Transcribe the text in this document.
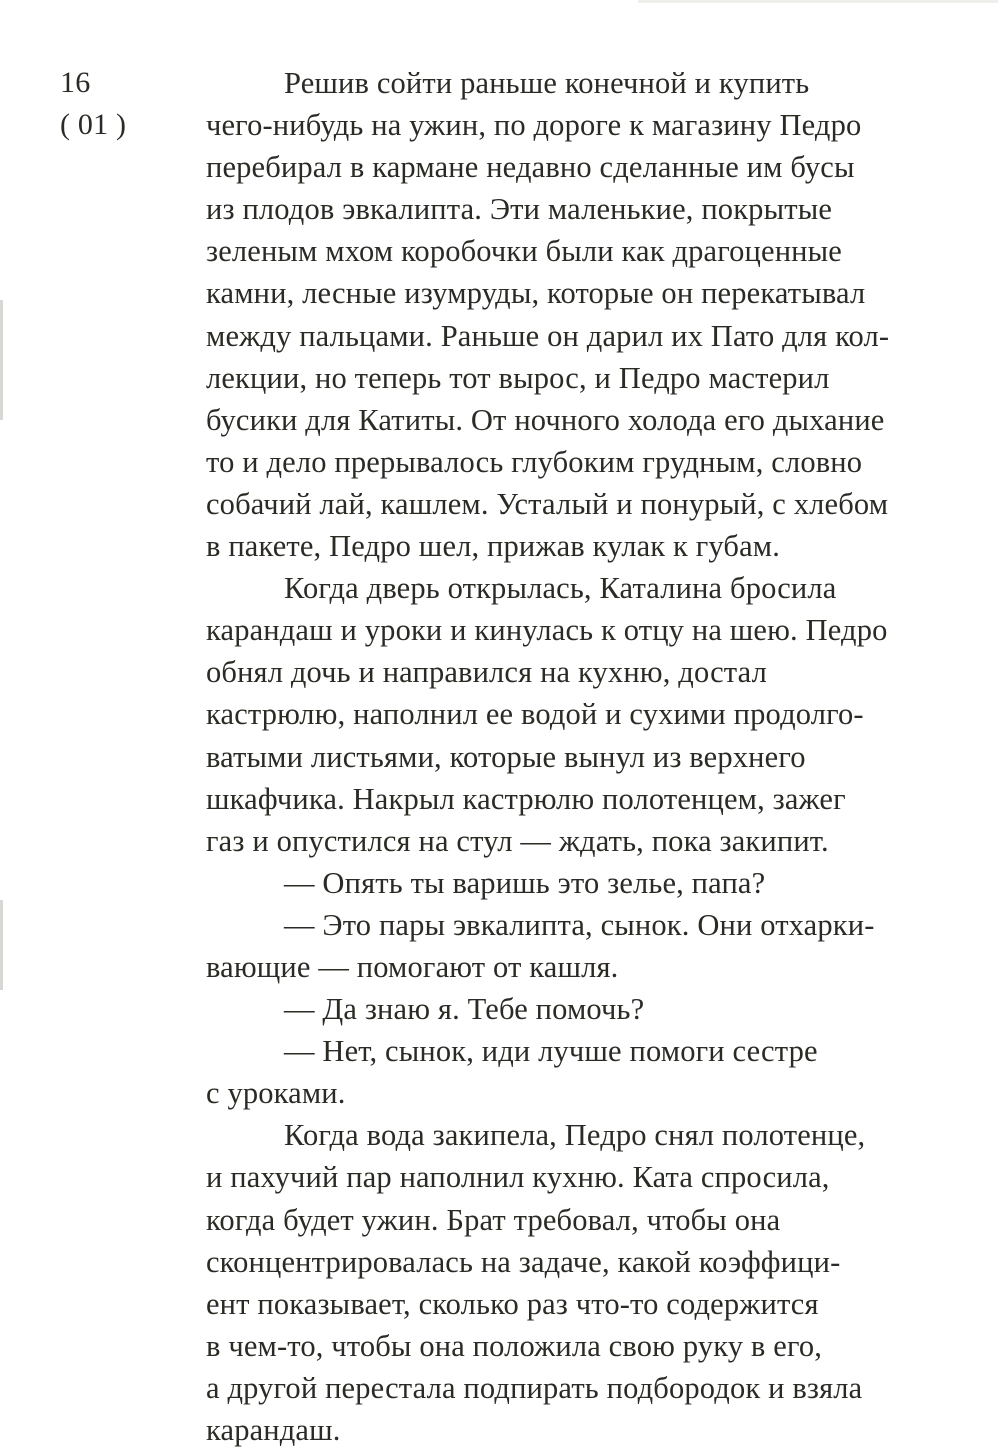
16
( 01 )
Решив сойти раньше конечной и купить
чего-нибудь на ужин, по дороге к магазину Педро
перебирал в кармане недавно сделанные им бусы
из плодов эвкалипта. Эти маленькие, покрытые
зеленым мхом коробочки были как драгоценные
камни, лесные изумруды, которые он перекатывал
между пальцами. Раньше он дарил их Пато для кол-
лекции, но теперь тот вырос, и Педро мастерил
бусики для Катиты. От ночного холода его дыхание
то и дело прерывалось глубоким грудным, словно
собачий лай, кашлем. Усталый и понурый, с хлебом
в пакете, Педро шел, прижав кулак к губам.
Когда дверь открылась, Каталина бросила
карандаш и уроки и кинулась к отцу на шею. Педро
обнял дочь и направился на кухню, достал
кастрюлю, наполнил ее водой и сухими продолго-
ватыми листьями, которые вынул из верхнего
шкафчика. Накрыл кастрюлю полотенцем, зажег
газ и опустился на стул — ждать, пока закипит.
— Опять ты варишь это зелье, папа?
— Это пары эвкалипта, сынок. Они отхарки-
вающие — помогают от кашля.
— Да знаю я. Тебе помочь?
— Нет, сынок, иди лучше помоги сестре
с уроками.
Когда вода закипела, Педро снял полотенце,
и пахучий пар наполнил кухню. Ката спросила,
когда будет ужин. Брат требовал, чтобы она
сконцентрировалась на задаче, какой коэффици-
ент показывает, сколько раз что-то содержится
в чем-то, чтобы она положила свою руку в его,
а другой перестала подпирать подбородок и взяла
карандаш.
